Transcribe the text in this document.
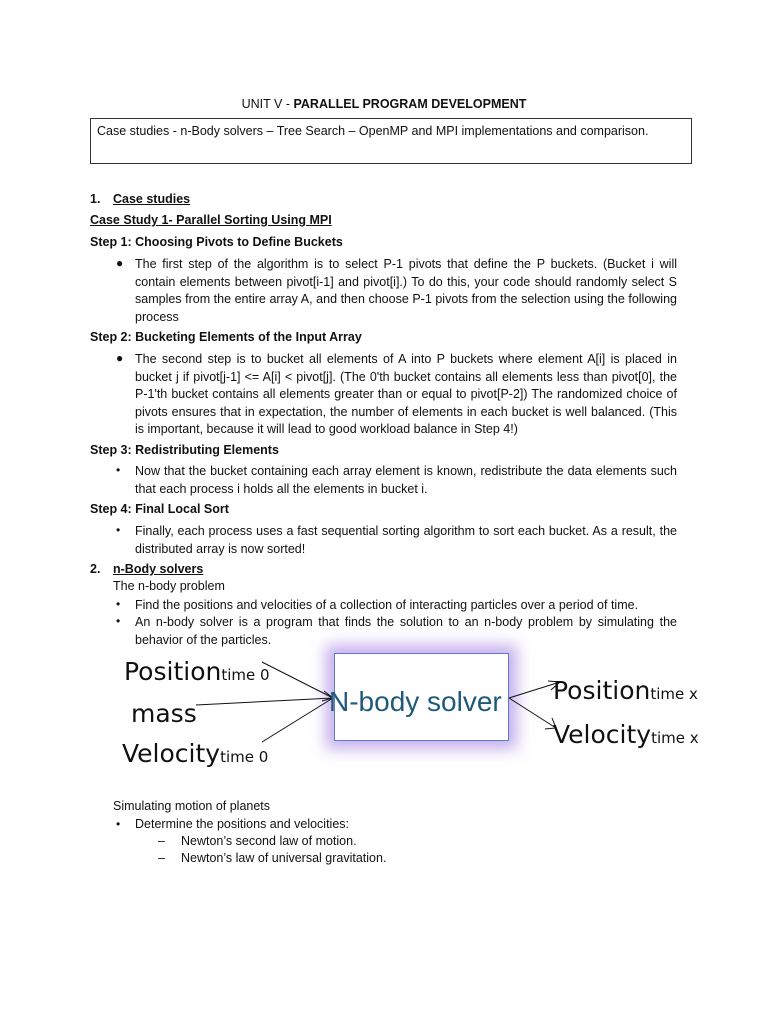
UNIT V - PARALLEL PROGRAM DEVELOPMENT
Case studies - n-Body solvers – Tree Search – OpenMP and MPI implementations and comparison.
1. Case studies
Case Study 1- Parallel Sorting Using MPI
Step 1: Choosing Pivots to Define Buckets
● The first step of the algorithm is to select P-1 pivots that define the P buckets. (Bucket i will contain elements between pivot[i-1] and pivot[i].) To do this, your code should randomly select S samples from the entire array A, and then choose P-1 pivots from the selection using the following process
Step 2: Bucketing Elements of the Input Array
● The second step is to bucket all elements of A into P buckets where element A[i] is placed in bucket j if pivot[j-1] <= A[i] < pivot[j]. (The 0'th bucket contains all elements less than pivot[0], the P-1'th bucket contains all elements greater than or equal to pivot[P-2]) The randomized choice of pivots ensures that in expectation, the number of elements in each bucket is well balanced. (This is important, because it will lead to good workload balance in Step 4!)
Step 3: Redistributing Elements
• Now that the bucket containing each array element is known, redistribute the data elements such that each process i holds all the elements in bucket i.
Step 4: Final Local Sort
• Finally, each process uses a fast sequential sorting algorithm to sort each bucket. As a result, the distributed array is now sorted!
2. n-Body solvers
The n-body problem
• Find the positions and velocities of a collection of interacting particles over a period of time.
• An n-body solver is a program that finds the solution to an n-body problem by simulating the behavior of the particles.
N-body solver
Positiontime 0
mass
Velocitytime 0
Positiontime x
Velocitytime x
Simulating motion of planets
• Determine the positions and velocities:
– Newton’s second law of motion.
– Newton’s law of universal gravitation.
